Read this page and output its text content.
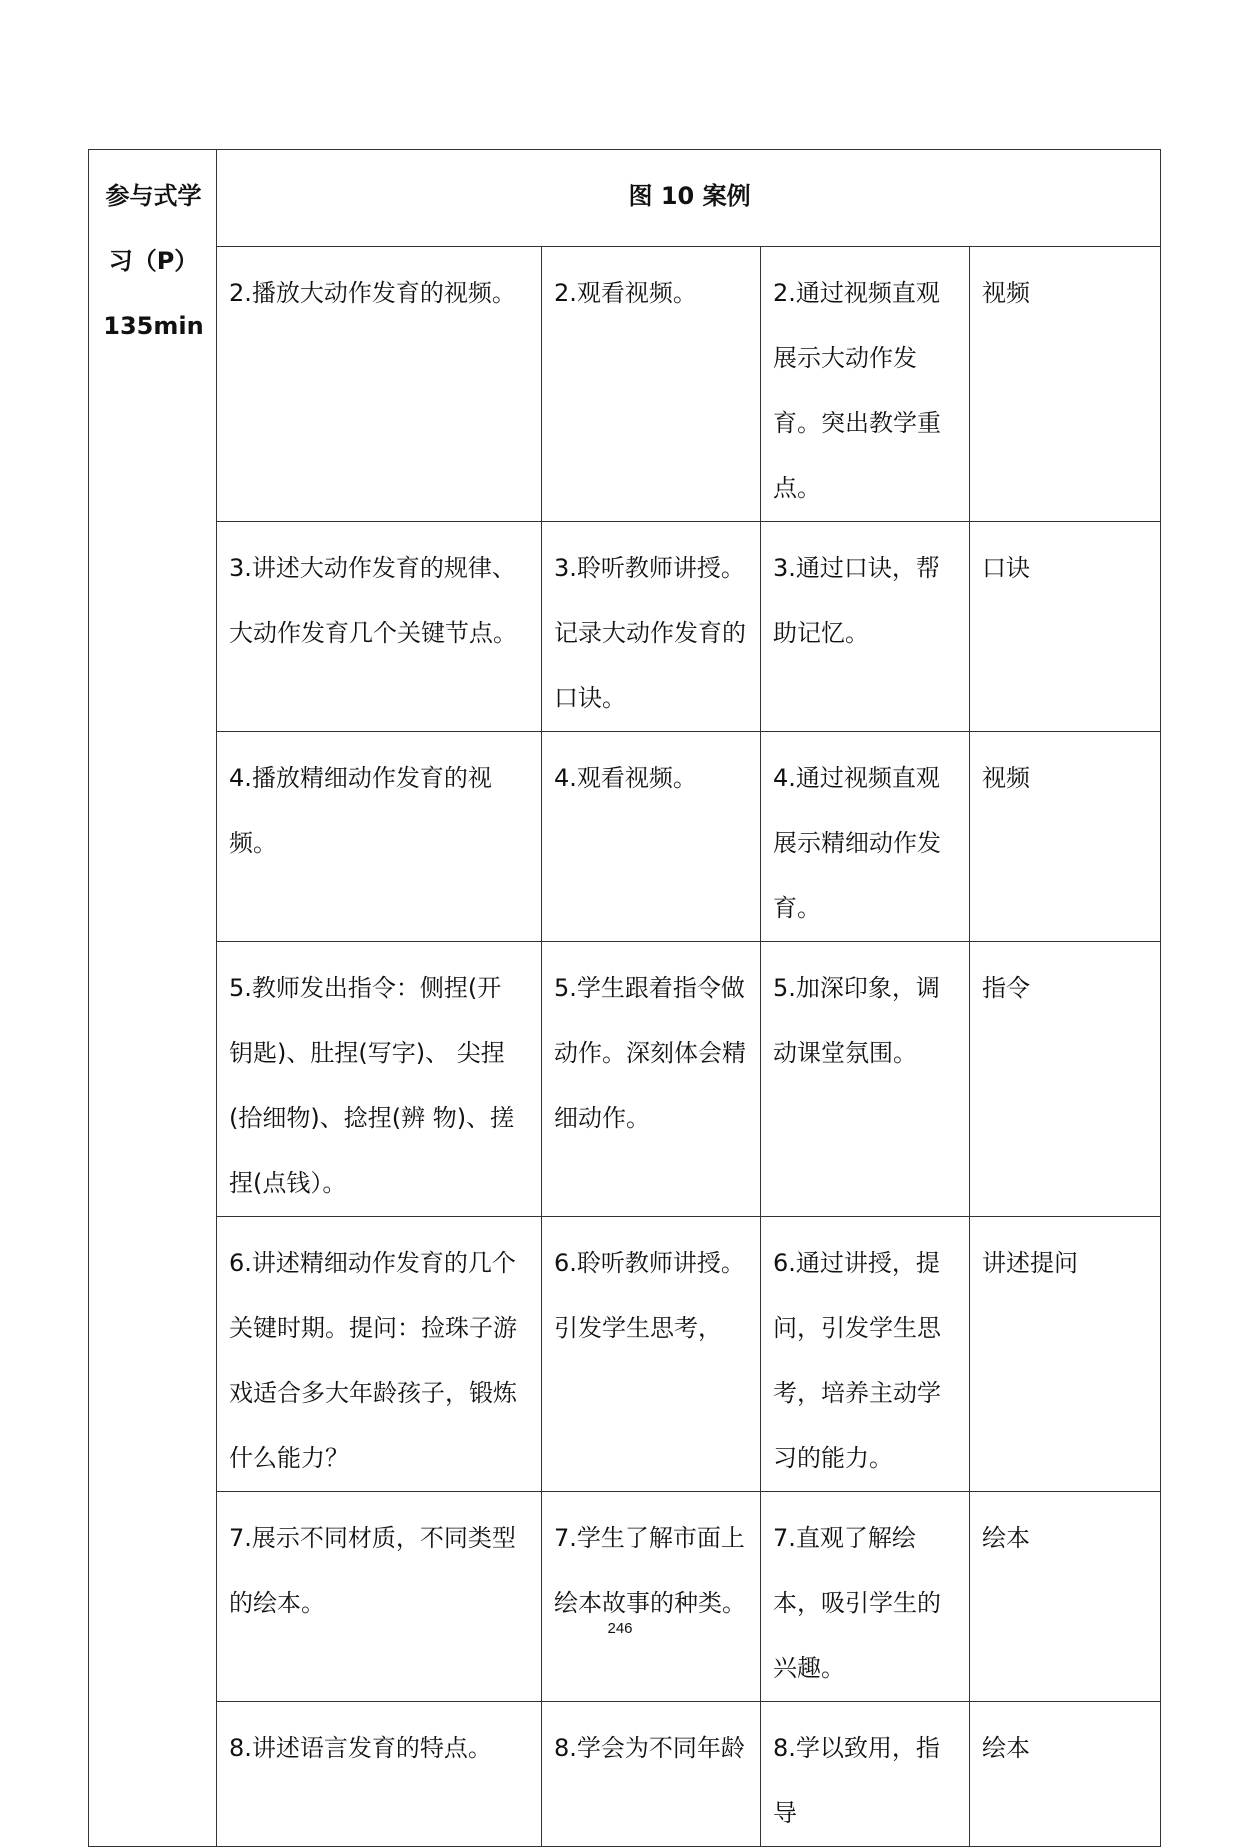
参与式学
习（P）
135min	图 10 案例			
	2.播放大动作发育的视频。	2.观看视频。	2.通过视频直观展示大动作发育。突出教学重点。	视频
	3.讲述大动作发育的规律、大动作发育几个关键节点。	3.聆听教师讲授。记录大动作发育的口诀。	3.通过口诀，帮助记忆。	口诀
	4.播放精细动作发育的视频。	4.观看视频。	4.通过视频直观展示精细动作发育。	视频
	5.教师发出指令：侧捏(开 钥匙)、肚捏(写字)、 尖捏(拾细物)、捻捏(辨 物)、搓捏(点钱）。	5.学生跟着指令做动作。深刻体会精细动作。	5.加深印象，调动课堂氛围。	指令
	6.讲述精细动作发育的几个关键时期。提问：捡珠子游戏适合多大年龄孩子，锻炼什么能力？	6.聆听教师讲授。引发学生思考，	6.通过讲授，提问，引发学生思考，培养主动学习的能力。	讲述提问
	7.展示不同材质，不同类型的绘本。	7.学生了解市面上绘本故事的种类。	7.直观了解绘本，吸引学生的兴趣。	绘本
	8.讲述语言发育的特点。	8.学会为不同年龄	8.学以致用，指导	绘本
246
